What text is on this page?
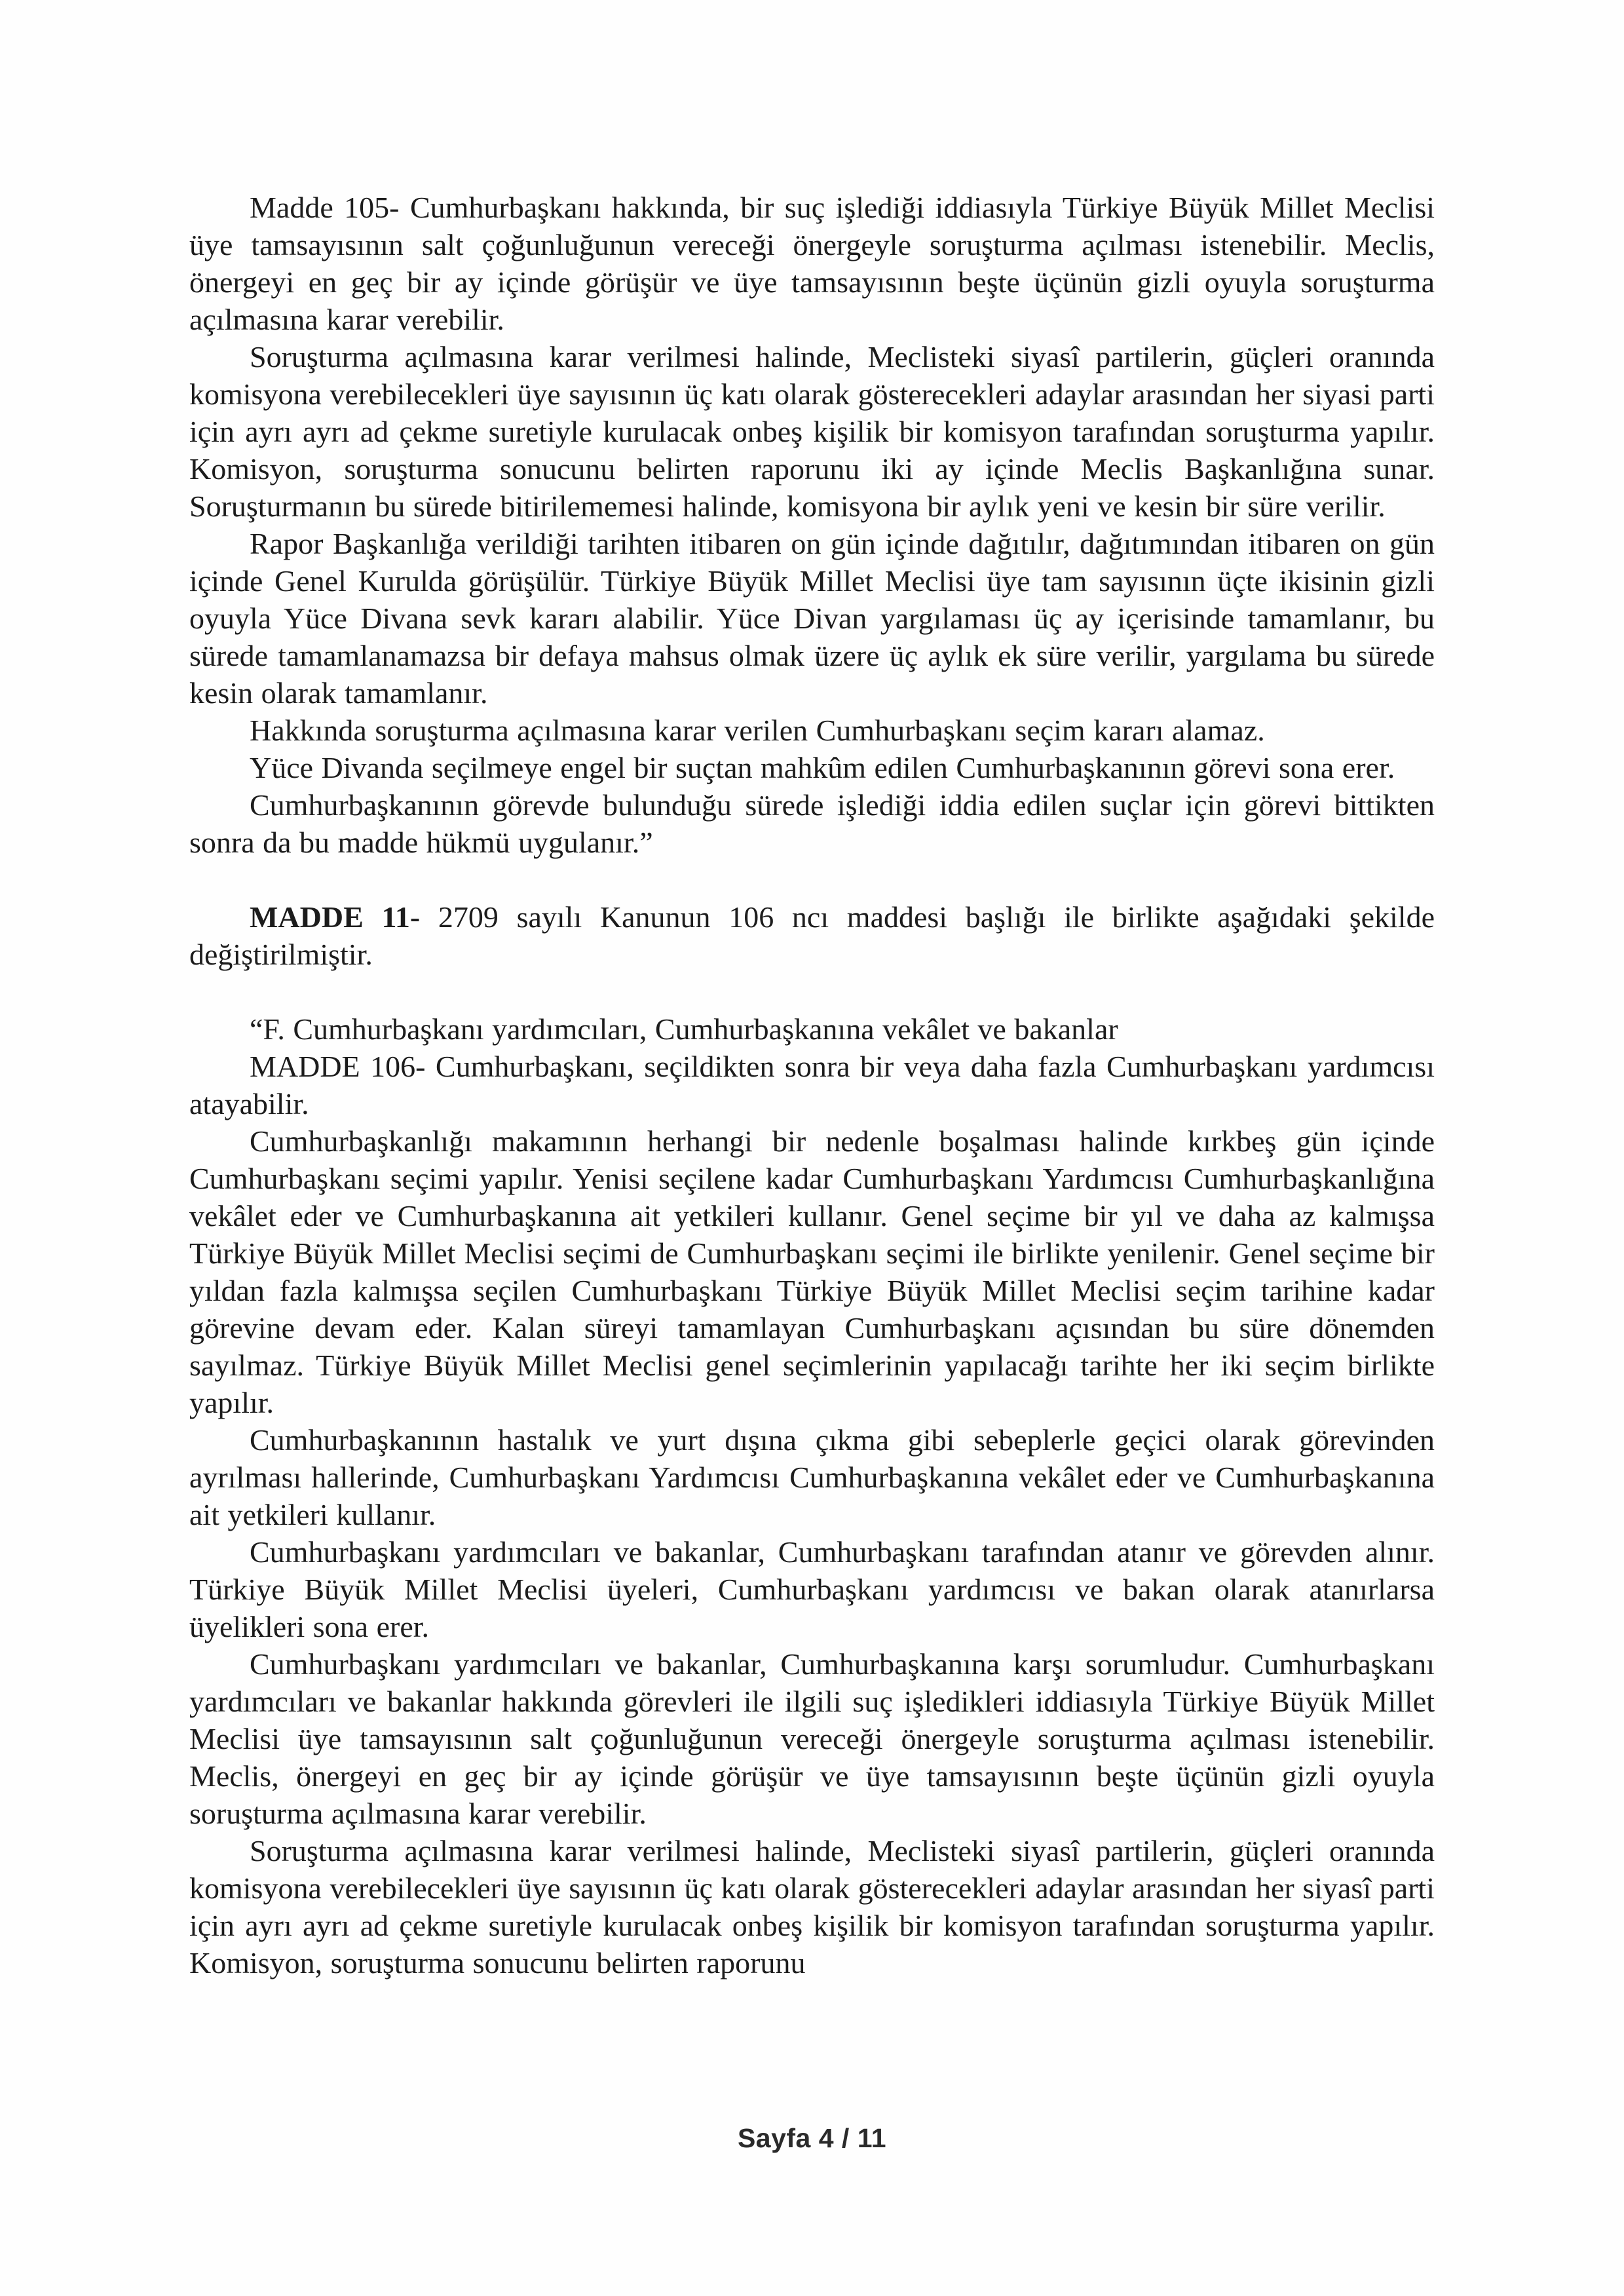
Madde 105- Cumhurbaşkanı hakkında, bir suç işlediği iddiasıyla Türkiye Büyük Millet Meclisi üye tamsayısının salt çoğunluğunun vereceği önergeyle soruşturma açılması istenebilir. Meclis, önergeyi en geç bir ay içinde görüşür ve üye tamsayısının beşte üçünün gizli oyuyla soruşturma açılmasına karar verebilir.

Soruşturma açılmasına karar verilmesi halinde, Meclisteki siyasî partilerin, güçleri oranında komisyona verebilecekleri üye sayısının üç katı olarak gösterecekleri adaylar arasından her siyasi parti için ayrı ayrı ad çekme suretiyle kurulacak onbeş kişilik bir komisyon tarafından soruşturma yapılır. Komisyon, soruşturma sonucunu belirten raporunu iki ay içinde Meclis Başkanlığına sunar. Soruşturmanın bu sürede bitirilememesi halinde, komisyona bir aylık yeni ve kesin bir süre verilir.

Rapor Başkanlığa verildiği tarihten itibaren on gün içinde dağıtılır, dağıtımından itibaren on gün içinde Genel Kurulda görüşülür. Türkiye Büyük Millet Meclisi üye tam sayısının üçte ikisinin gizli oyuyla Yüce Divana sevk kararı alabilir. Yüce Divan yargılaması üç ay içerisinde tamamlanır, bu sürede tamamlanamazsa bir defaya mahsus olmak üzere üç aylık ek süre verilir, yargılama bu sürede kesin olarak tamamlanır.

Hakkında soruşturma açılmasına karar verilen Cumhurbaşkanı seçim kararı alamaz.

Yüce Divanda seçilmeye engel bir suçtan mahkûm edilen Cumhurbaşkanının görevi sona erer.

Cumhurbaşkanının görevde bulunduğu sürede işlediği iddia edilen suçlar için görevi bittikten sonra da bu madde hükmü uygulanır.”

MADDE 11- 2709 sayılı Kanunun 106 ncı maddesi başlığı ile birlikte aşağıdaki şekilde değiştirilmiştir.

“F. Cumhurbaşkanı yardımcıları, Cumhurbaşkanına vekâlet ve bakanlar

MADDE 106- Cumhurbaşkanı, seçildikten sonra bir veya daha fazla Cumhurbaşkanı yardımcısı atayabilir.

Cumhurbaşkanlığı makamının herhangi bir nedenle boşalması halinde kırkbeş gün içinde Cumhurbaşkanı seçimi yapılır. Yenisi seçilene kadar Cumhurbaşkanı Yardımcısı Cumhurbaşkanlığına vekâlet eder ve Cumhurbaşkanına ait yetkileri kullanır. Genel seçime bir yıl ve daha az kalmışsa Türkiye Büyük Millet Meclisi seçimi de Cumhurbaşkanı seçimi ile birlikte yenilenir. Genel seçime bir yıldan fazla kalmışsa seçilen Cumhurbaşkanı Türkiye Büyük Millet Meclisi seçim tarihine kadar görevine devam eder. Kalan süreyi tamamlayan Cumhurbaşkanı açısından bu süre dönemden sayılmaz. Türkiye Büyük Millet Meclisi genel seçimlerinin yapılacağı tarihte her iki seçim birlikte yapılır.

Cumhurbaşkanının hastalık ve yurt dışına çıkma gibi sebeplerle geçici olarak görevinden ayrılması hallerinde, Cumhurbaşkanı Yardımcısı Cumhurbaşkanına vekâlet eder ve Cumhurbaşkanına ait yetkileri kullanır.

Cumhurbaşkanı yardımcıları ve bakanlar, Cumhurbaşkanı tarafından atanır ve görevden alınır. Türkiye Büyük Millet Meclisi üyeleri, Cumhurbaşkanı yardımcısı ve bakan olarak atanırlarsa üyelikleri sona erer.

Cumhurbaşkanı yardımcıları ve bakanlar, Cumhurbaşkanına karşı sorumludur. Cumhurbaşkanı yardımcıları ve bakanlar hakkında görevleri ile ilgili suç işledikleri iddiasıyla Türkiye Büyük Millet Meclisi üye tamsayısının salt çoğunluğunun vereceği önergeyle soruşturma açılması istenebilir. Meclis, önergeyi en geç bir ay içinde görüşür ve üye tamsayısının beşte üçünün gizli oyuyla soruşturma açılmasına karar verebilir.

Soruşturma açılmasına karar verilmesi halinde, Meclisteki siyasî partilerin, güçleri oranında komisyona verebilecekleri üye sayısının üç katı olarak gösterecekleri adaylar arasından her siyasî parti için ayrı ayrı ad çekme suretiyle kurulacak onbeş kişilik bir komisyon tarafından soruşturma yapılır. Komisyon, soruşturma sonucunu belirten raporunu

Sayfa 4 / 11
